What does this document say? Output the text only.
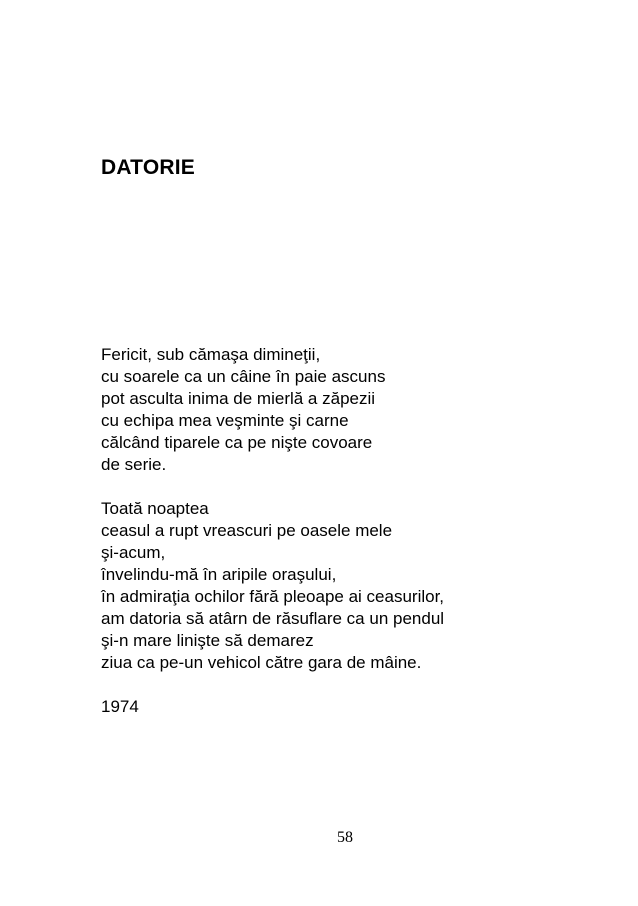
DATORIE
Fericit, sub cămaşa dimineţii,
cu soarele ca un câine în paie ascuns
pot asculta inima de mierlă a zăpezii
cu echipa mea veşminte şi carne
călcând tiparele ca pe nişte covoare
de serie.
Toată noaptea
ceasul a rupt vreascuri pe oasele mele
şi-acum,
învelindu-mă în aripile oraşului,
în admiraţia ochilor fără pleoape ai ceasurilor,
am datoria să atârn de răsuflare ca un pendul
şi-n mare linişte să demarez
ziua ca pe-un vehicol către gara de mâine.
1974
58
